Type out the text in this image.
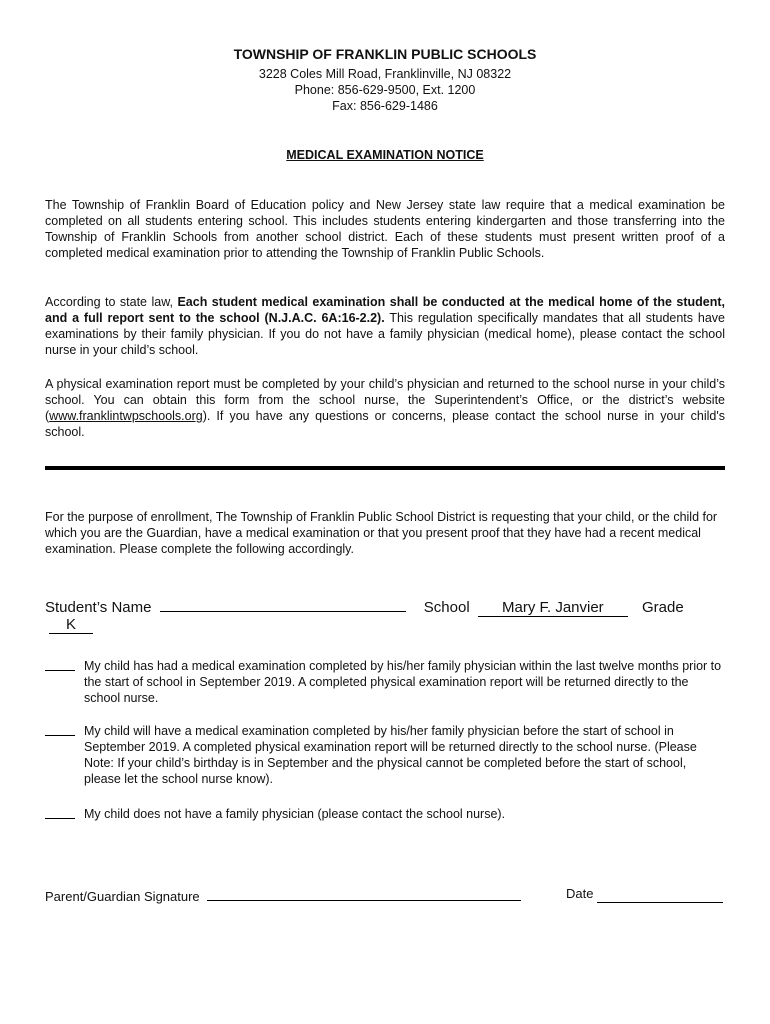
TOWNSHIP OF FRANKLIN PUBLIC SCHOOLS
3228 Coles Mill Road, Franklinville, NJ 08322
Phone: 856-629-9500, Ext. 1200
Fax: 856-629-1486
MEDICAL EXAMINATION NOTICE
The Township of Franklin Board of Education policy and New Jersey state law require that a medical examination be completed on all students entering school. This includes students entering kindergarten and those transferring into the Township of Franklin Schools from another school district. Each of these students must present written proof of a completed medical examination prior to attending the Township of Franklin Public Schools.
According to state law, Each student medical examination shall be conducted at the medical home of the student, and a full report sent to the school (N.J.A.C. 6A:16-2.2). This regulation specifically mandates that all students have examinations by their family physician. If you do not have a family physician (medical home), please contact the school nurse in your child’s school.
A physical examination report must be completed by your child’s physician and returned to the school nurse in your child’s school. You can obtain this form from the school nurse, the Superintendent’s Office, or the district’s website (www.franklintwpschools.org). If you have any questions or concerns, please contact the school nurse in your child's school.
For the purpose of enrollment, The Township of Franklin Public School District is requesting that your child, or the child for which you are the Guardian, have a medical examination or that you present proof that they have had a recent medical examination. Please complete the following accordingly.
Student’s Name	School Mary F. Janvier	Grade K
My child has had a medical examination completed by his/her family physician within the last twelve months prior to the start of school in September 2019. A completed physical examination report will be returned directly to the school nurse.
My child will have a medical examination completed by his/her family physician before the start of school in September 2019. A completed physical examination report will be returned directly to the school nurse. (Please Note: If your child’s birthday is in September and the physical cannot be completed before the start of school, please let the school nurse know).
My child does not have a family physician (please contact the school nurse).
Parent/Guardian Signature	Date
